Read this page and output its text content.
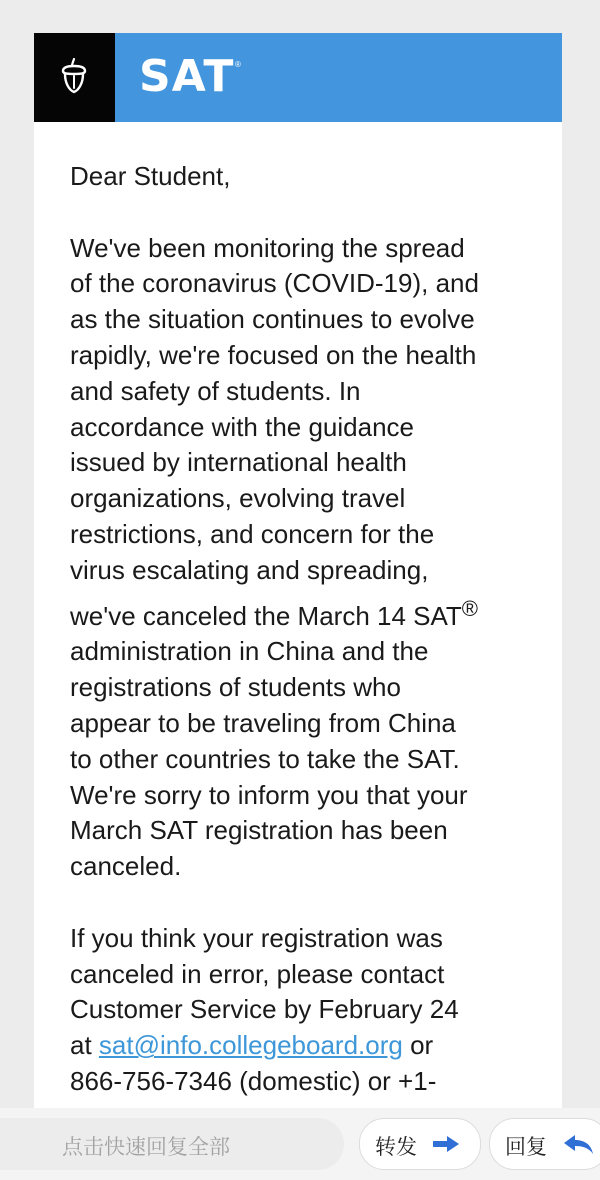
SAT ®

Dear Student,

We've been monitoring the spread
of the coronavirus (COVID-19), and
as the situation continues to evolve
rapidly, we're focused on the health
and safety of students. In
accordance with the guidance
issued by international health
organizations, evolving travel
restrictions, and concern for the
virus escalating and spreading,
we've canceled the March 14 SAT®
administration in China and the
registrations of students who
appear to be traveling from China
to other countries to take the SAT.
We're sorry to inform you that your
March SAT registration has been
canceled.

If you think your registration was
canceled in error, please contact
Customer Service by February 24
at sat@info.collegeboard.org or
866-756-7346 (domestic) or +1-

点击快速回复全部	转发	回复
